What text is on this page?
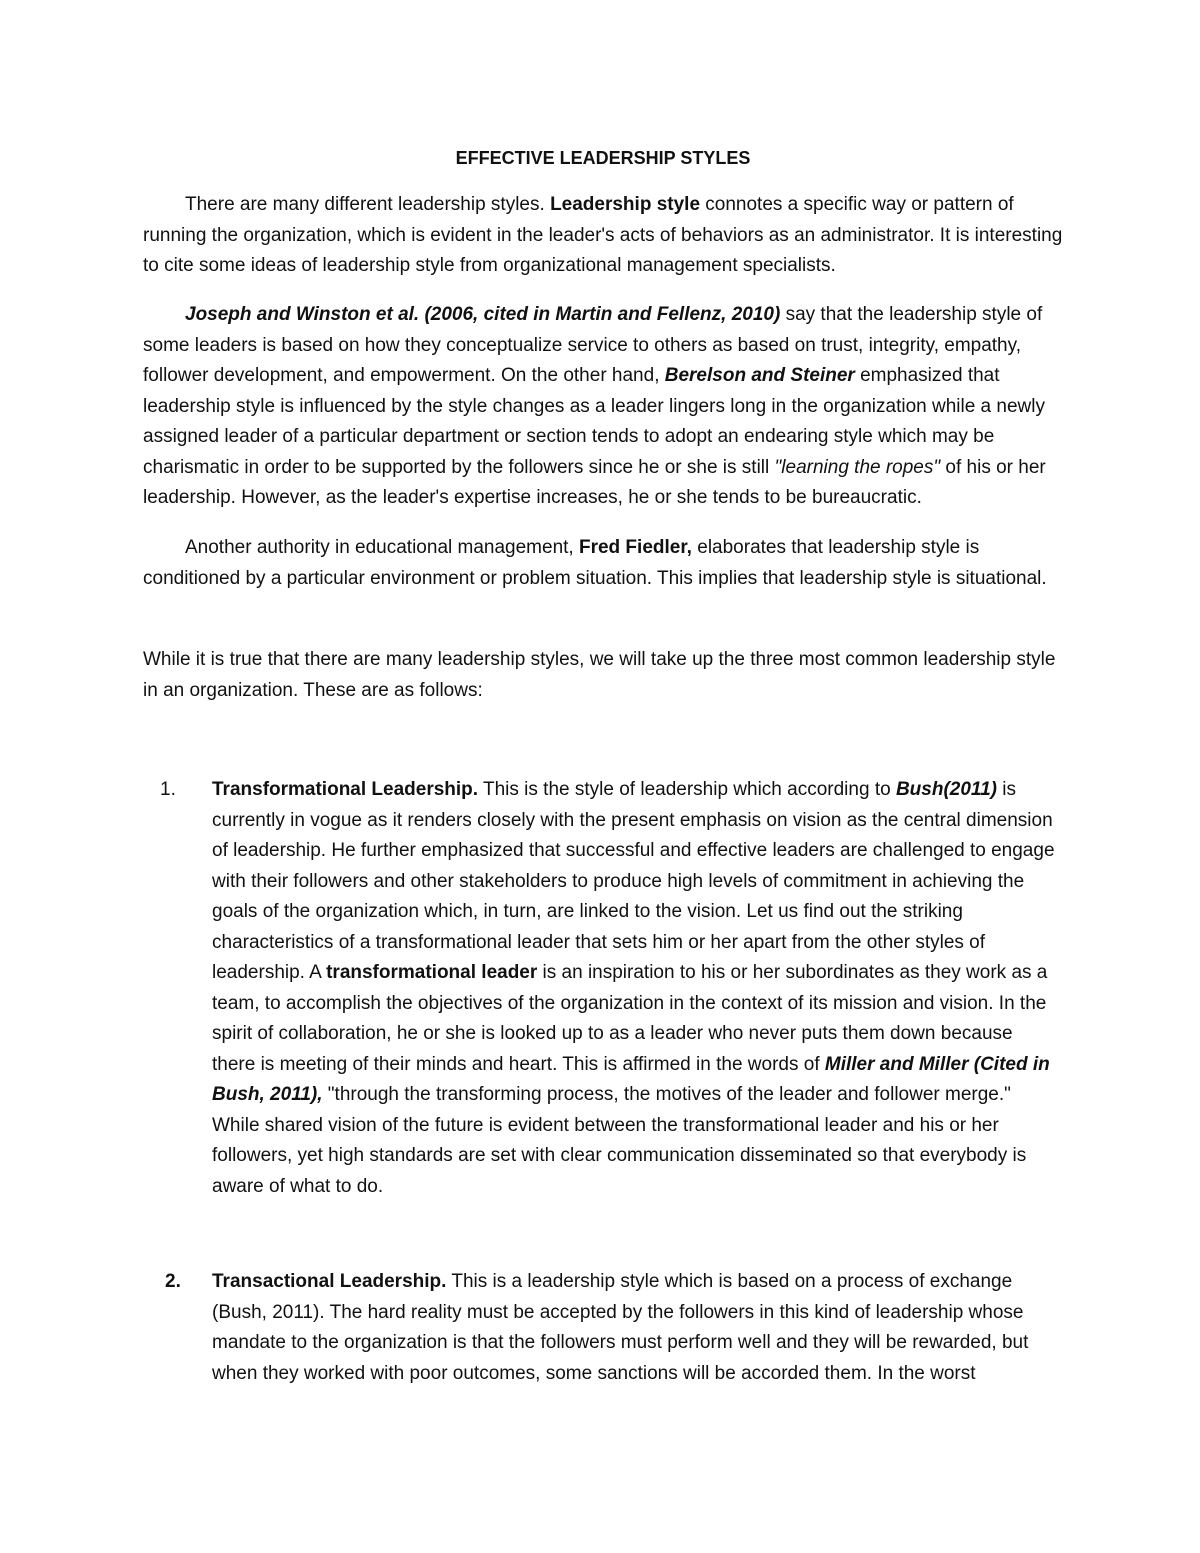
EFFECTIVE LEADERSHIP STYLES

There are many different leadership styles. Leadership style connotes a specific way or pattern of running the organization, which is evident in the leader's acts of behaviors as an administrator. It is interesting to cite some ideas of leadership style from organizational management specialists.

Joseph and Winston et al. (2006, cited in Martin and Fellenz, 2010) say that the leadership style of some leaders is based on how they conceptualize service to others as based on trust, integrity, empathy, follower development, and empowerment. On the other hand, Berelson and Steiner emphasized that leadership style is influenced by the style changes as a leader lingers long in the organization while a newly assigned leader of a particular department or section tends to adopt an endearing style which may be charismatic in order to be supported by the followers since he or she is still "learning the ropes" of his or her leadership. However, as the leader's expertise increases, he or she tends to be bureaucratic.

Another authority in educational management, Fred Fiedler, elaborates that leadership style is conditioned by a particular environment or problem situation. This implies that leadership style is situational.

While it is true that there are many leadership styles, we will take up the three most common leadership style in an organization. These are as follows:

1.	Transformational Leadership. This is the style of leadership which according to Bush(2011) is currently in vogue as it renders closely with the present emphasis on vision as the central dimension of leadership. He further emphasized that successful and effective leaders are challenged to engage with their followers and other stakeholders to produce high levels of commitment in achieving the goals of the organization which, in turn, are linked to the vision. Let us find out the striking characteristics of a transformational leader that sets him or her apart from the other styles of leadership. A transformational leader is an inspiration to his or her subordinates as they work as a team, to accomplish the objectives of the organization in the context of its mission and vision. In the spirit of collaboration, he or she is looked up to as a leader who never puts them down because there is meeting of their minds and heart. This is affirmed in the words of Miller and Miller (Cited in Bush, 2011), "through the transforming process, the motives of the leader and follower merge." While shared vision of the future is evident between the transformational leader and his or her followers, yet high standards are set with clear communication disseminated so that everybody is aware of what to do.

2.	Transactional Leadership. This is a leadership style which is based on a process of exchange (Bush, 2011). The hard reality must be accepted by the followers in this kind of leadership whose mandate to the organization is that the followers must perform well and they will be rewarded, but when they worked with poor outcomes, some sanctions will be accorded them. In the worst
